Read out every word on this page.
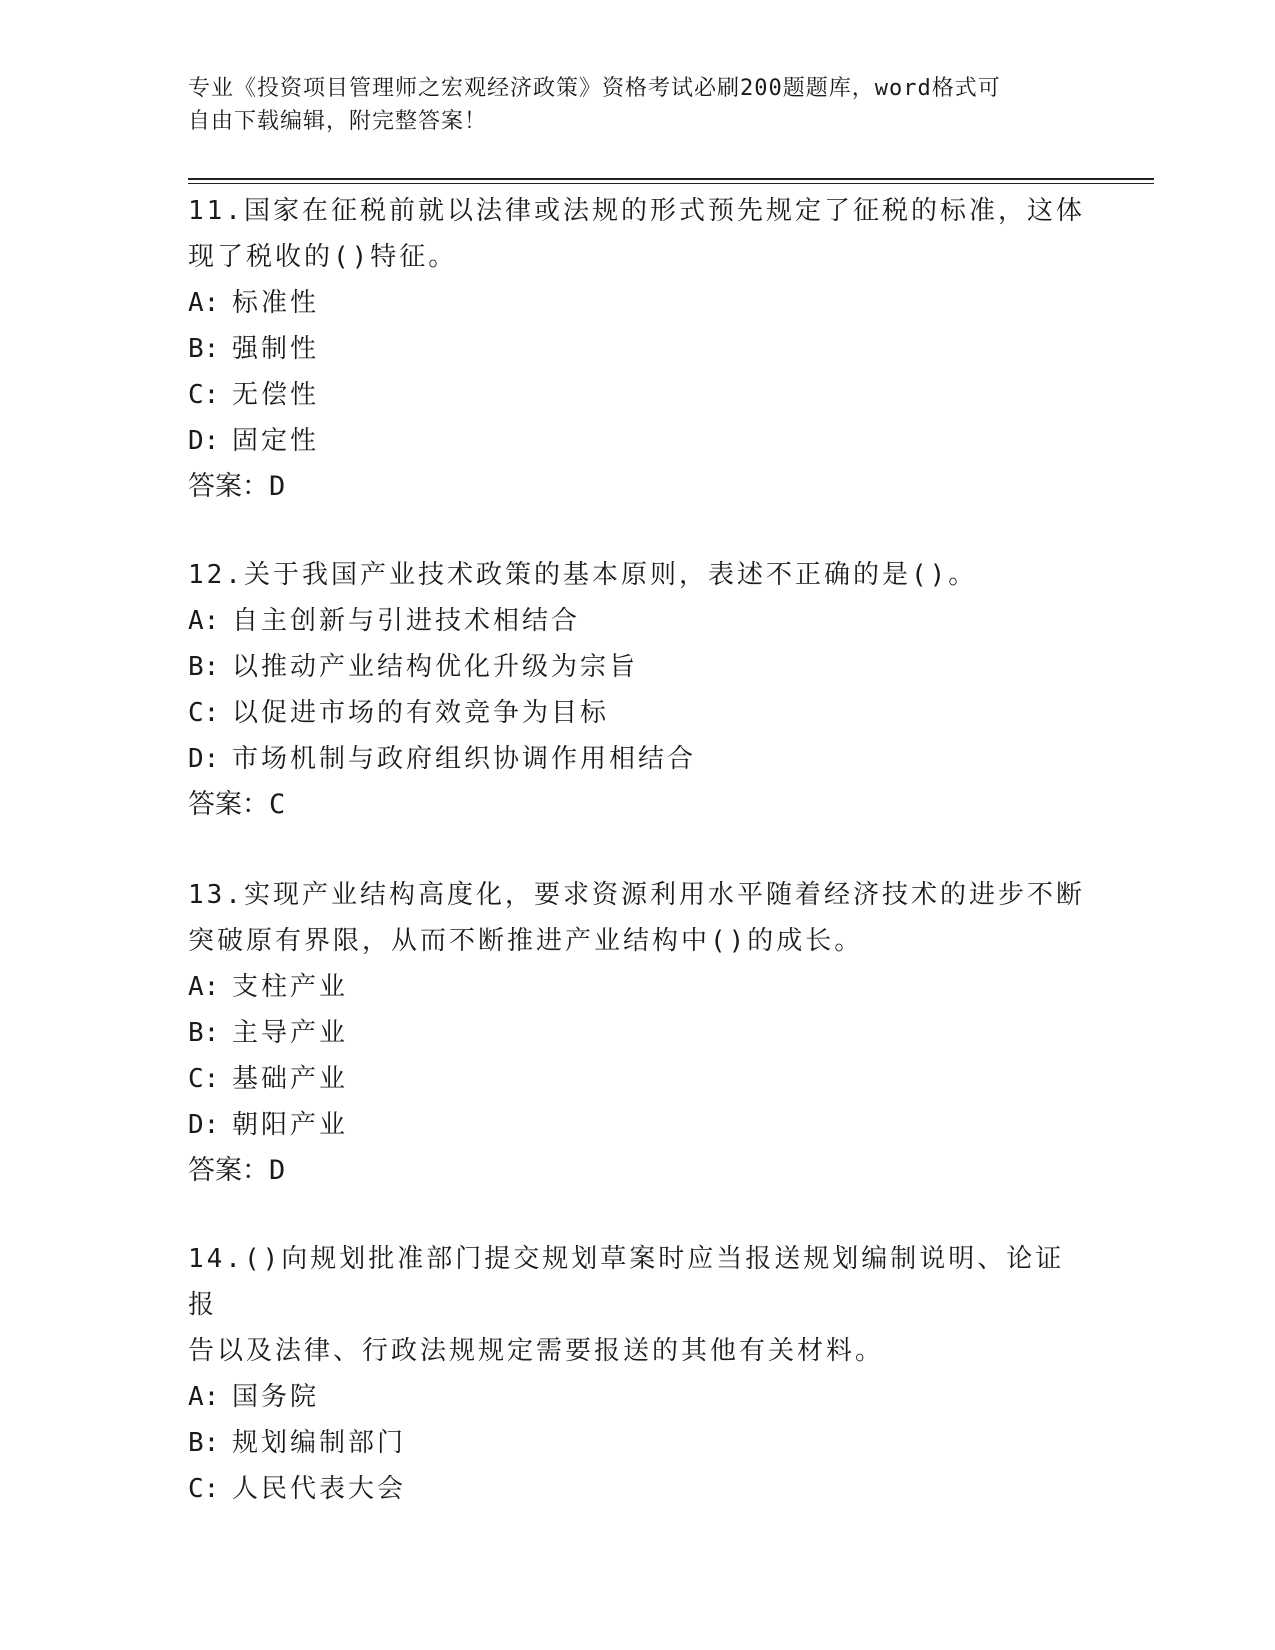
专业《投资项目管理师之宏观经济政策》资格考试必刷200题题库，word格式可
自由下载编辑，附完整答案！

11.国家在征税前就以法律或法规的形式预先规定了征税的标准，这体

现了税收的()特征。

A: 标准性

B: 强制性

C: 无偿性

D: 固定性

答案：D

12.关于我国产业技术政策的基本原则，表述不正确的是()。

A: 自主创新与引进技术相结合

B: 以推动产业结构优化升级为宗旨

C: 以促进市场的有效竞争为目标

D: 市场机制与政府组织协调作用相结合

答案：C

13.实现产业结构高度化，要求资源利用水平随着经济技术的进步不断

突破原有界限，从而不断推进产业结构中()的成长。

A: 支柱产业

B: 主导产业

C: 基础产业

D: 朝阳产业

答案：D

14.()向规划批准部门提交规划草案时应当报送规划编制说明、论证报

告以及法律、行政法规规定需要报送的其他有关材料。

A: 国务院

B: 规划编制部门

C: 人民代表大会
